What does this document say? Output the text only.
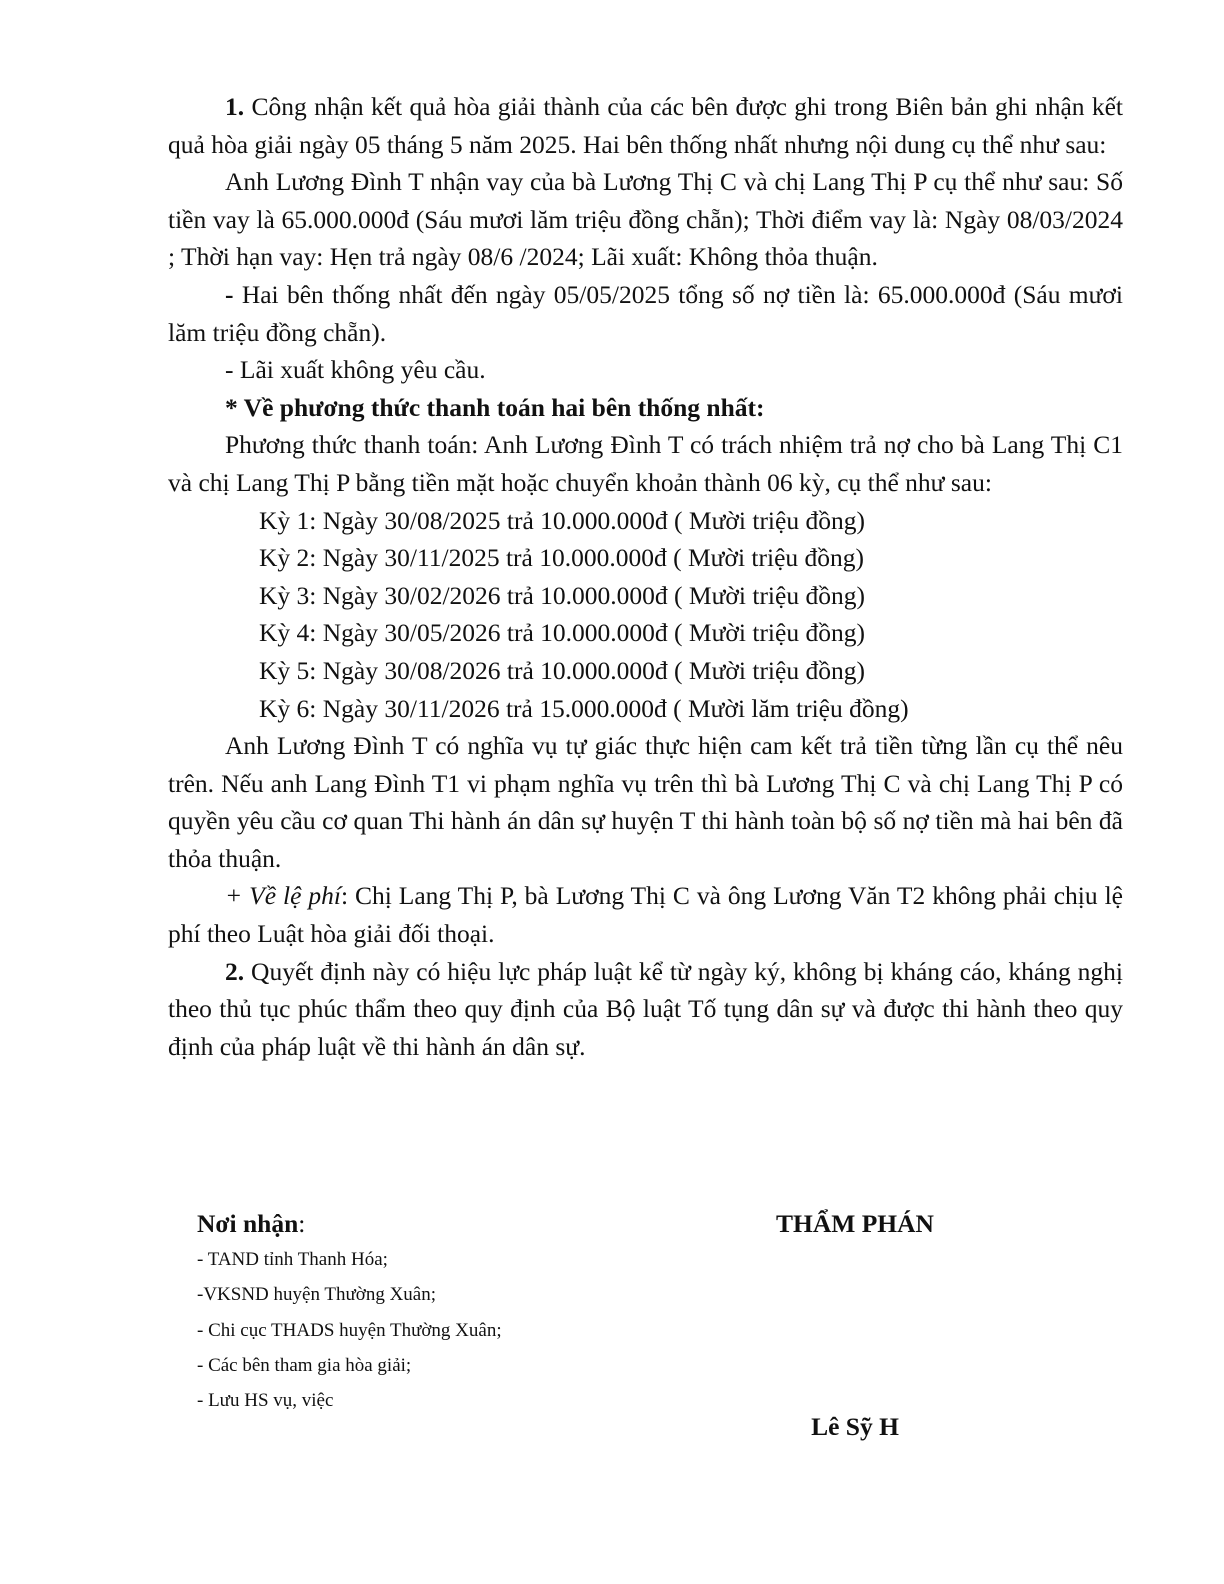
1. Công nhận kết quả hòa giải thành của các bên được ghi trong Biên bản ghi nhận kết quả hòa giải ngày 05 tháng 5 năm 2025. Hai bên thống nhất nhưng nội dung cụ thể như sau:

Anh Lương Đình T nhận vay của bà Lương Thị C và chị Lang Thị P cụ thể như sau: Số tiền vay là 65.000.000đ (Sáu mươi lăm triệu đồng chẵn); Thời điểm vay là: Ngày 08/03/2024 ; Thời hạn vay: Hẹn trả ngày 08/6 /2024; Lãi xuất: Không thỏa thuận.

- Hai bên thống nhất đến ngày 05/05/2025 tổng số nợ tiền là: 65.000.000đ (Sáu mươi lăm triệu đồng chẵn).

- Lãi xuất không yêu cầu.

* Về phương thức thanh toán hai bên thống nhất:

Phương thức thanh toán: Anh Lương Đình T có trách nhiệm trả nợ cho bà Lang Thị C1 và chị Lang Thị P bằng tiền mặt hoặc chuyển khoản thành 06 kỳ, cụ thể như sau:

Kỳ 1: Ngày 30/08/2025 trả 10.000.000đ ( Mười triệu đồng)

Kỳ 2: Ngày 30/11/2025 trả 10.000.000đ ( Mười triệu đồng)

Kỳ 3: Ngày 30/02/2026 trả 10.000.000đ ( Mười triệu đồng)

Kỳ 4: Ngày 30/05/2026 trả 10.000.000đ ( Mười triệu đồng)

Kỳ 5: Ngày 30/08/2026 trả 10.000.000đ ( Mười triệu đồng)

Kỳ 6: Ngày 30/11/2026 trả 15.000.000đ ( Mười lăm triệu đồng)

Anh Lương Đình T có nghĩa vụ tự giác thực hiện cam kết trả tiền từng lần cụ thể nêu trên. Nếu anh Lang Đình T1 vi phạm nghĩa vụ trên thì bà Lương Thị C và chị Lang Thị P có quyền yêu cầu cơ quan Thi hành án dân sự huyện T thi hành toàn bộ số nợ tiền mà hai bên đã thỏa thuận.

+ Về lệ phí: Chị Lang Thị P, bà Lương Thị C và ông Lương Văn T2 không phải chịu lệ phí theo Luật hòa giải đối thoại.

2. Quyết định này có hiệu lực pháp luật kể từ ngày ký, không bị kháng cáo, kháng nghị theo thủ tục phúc thẩm theo quy định của Bộ luật Tố tụng dân sự và được thi hành theo quy định của pháp luật về thi hành án dân sự.

Nơi nhận:
- TAND tỉnh Thanh Hóa;
-VKSND huyện Thường Xuân;
- Chi cục THADS huyện Thường Xuân;
- Các bên tham gia hòa giải;
- Lưu HS vụ, việc
THẨM PHÁN
Lê Sỹ H
